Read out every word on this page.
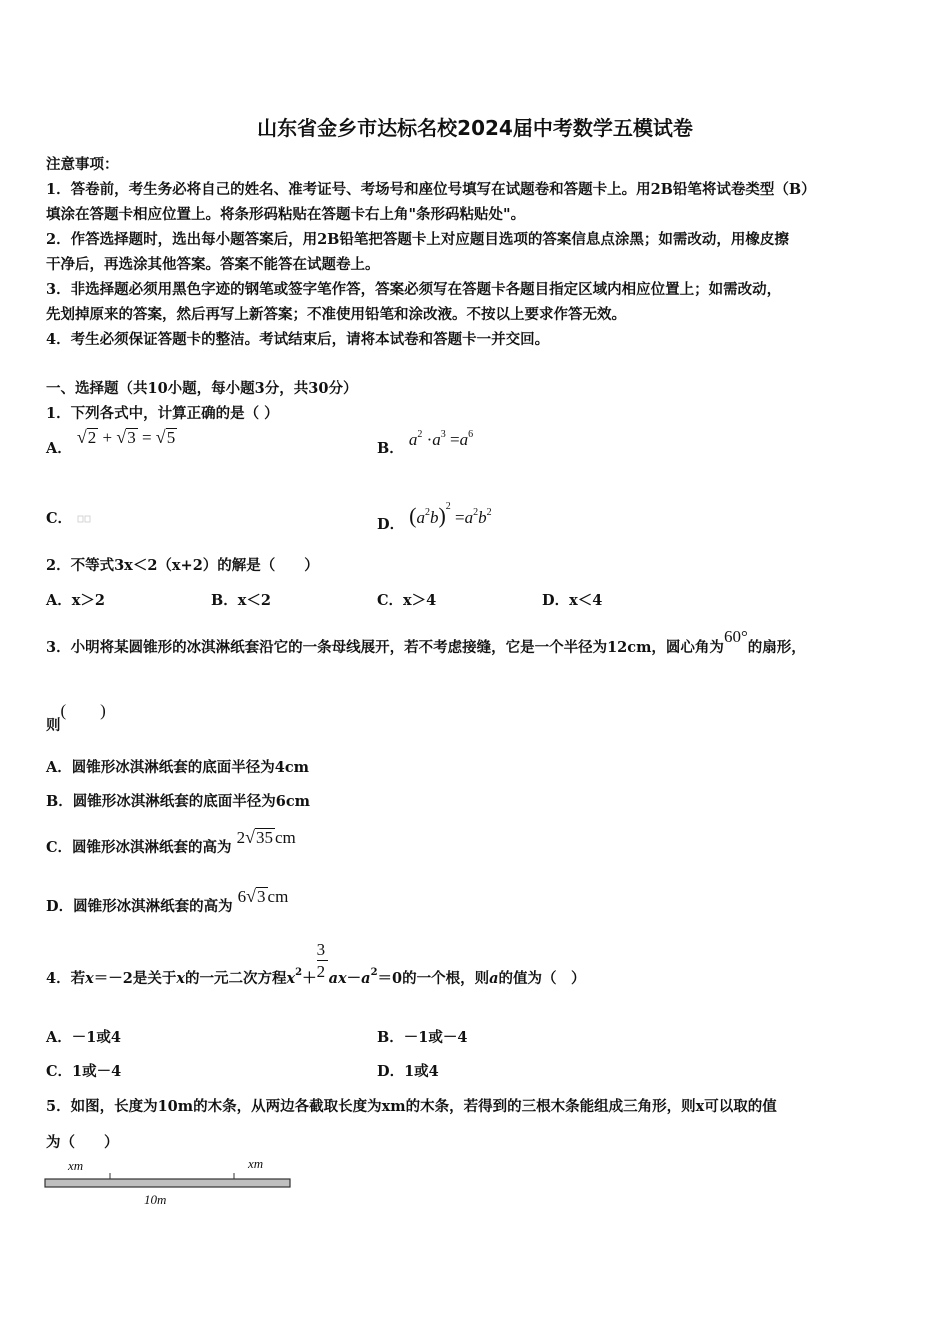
山东省金乡市达标名校2024届中考数学五模试卷
注意事项：
1．答卷前，考生务必将自己的姓名、准考证号、考场号和座位号填写在试题卷和答题卡上。用2B铅笔将试卷类型（B）
填涂在答题卡相应位置上。将条形码粘贴在答题卡右上角"条形码粘贴处"。
2．作答选择题时，选出每小题答案后，用2B铅笔把答题卡上对应题目选项的答案信息点涂黑；如需改动，用橡皮擦
干净后，再选涂其他答案。答案不能答在试题卷上。
3．非选择题必须用黑色字迹的钢笔或签字笔作答，答案必须写在答题卡各题目指定区域内相应位置上；如需改动，
先划掉原来的答案，然后再写上新答案；不准使用铅笔和涂改液。不按以上要求作答无效。
4．考生必须保证答题卡的整洁。考试结束后，请将本试卷和答题卡一并交回。
一、选择题（共10小题，每小题3分，共30分）
1．下列各式中，计算正确的是（ ）
A． √2 + √3 = √5
B． $a^2 \cdot a^3 =a^6$
C．	D． $(a^2b)^2 =a^2b^2$
2．不等式3x＜2（x+2）的解是（　　）
A．x＞2	B．x＜2	C．x＞4	D．x＜4
3．小明将某圆锥形的冰淇淋纸套沿它的一条母线展开，若不考虑接缝，它是一个半径为12cm，圆心角为60°的扇形，
则(　　)
A．圆锥形冰淇淋纸套的底面半径为4cm
B．圆锥形冰淇淋纸套的底面半径为6cm
C．圆锥形冰淇淋纸套的高为 2√35 cm
D．圆锥形冰淇淋纸套的高为 6√3 cm
4．若x＝－2是关于x的一元二次方程$x^2+ \frac{3}{2} ax-a^2=0$的一个根，则a的值为（　）
A．－1或4	B．－1或－4
C．1或－4	D．1或4
5．如图，长度为10m的木条，从两边各截取长度为xm的木条，若得到的三根木条能组成三角形，则x可以取的值
为（　　）
xm	xm
10m
